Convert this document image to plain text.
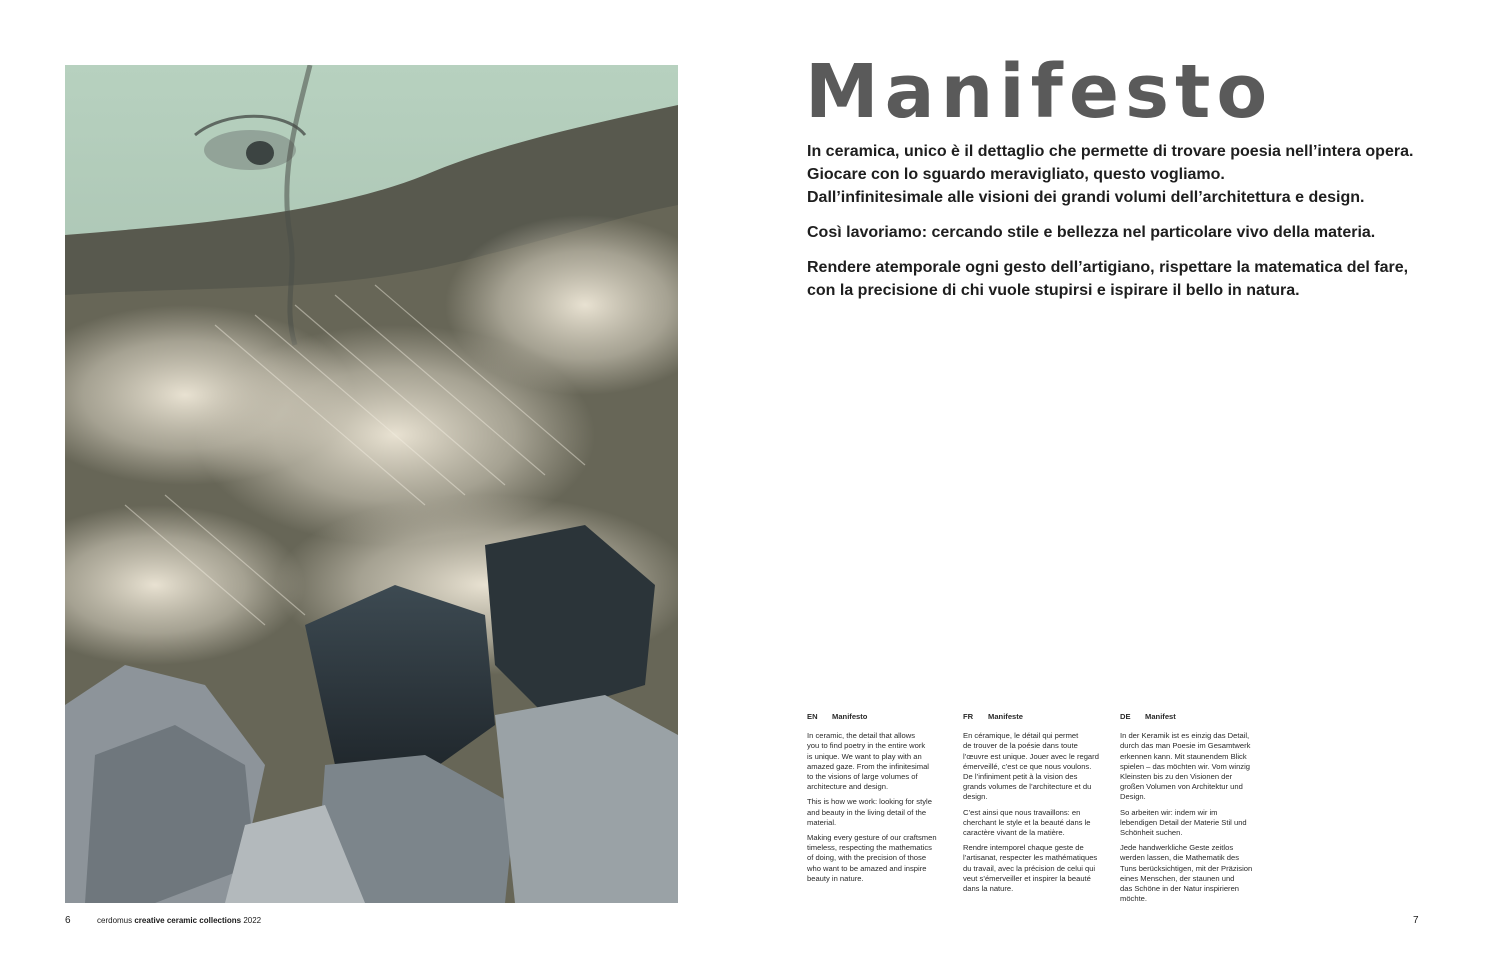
Manifesto

In ceramica, unico è il dettaglio che permette di trovare poesia nell’intera opera.
Giocare con lo sguardo meravigliato, questo vogliamo.
Dall’infinitesimale alle visioni dei grandi volumi dell’architettura e design.

Così lavoriamo: cercando stile e bellezza nel particolare vivo della materia.

Rendere atemporale ogni gesto dell’artigiano, rispettare la matematica del fare,
con la precisione di chi vuole stupirsi e ispirare il bello in natura.

EN Manifesto

In ceramic, the detail that allows
you to find poetry in the entire work
is unique. We want to play with an
amazed gaze. From the infinitesimal
to the visions of large volumes of
architecture and design.

This is how we work: looking for style
and beauty in the living detail of the
material.

Making every gesture of our craftsmen
timeless, respecting the mathematics
of doing, with the precision of those
who want to be amazed and inspire
beauty in nature.

FR Manifeste

En céramique, le détail qui permet
de trouver de la poésie dans toute
l’œuvre est unique. Jouer avec le regard
émerveillé, c’est ce que nous voulons.
De l’infiniment petit à la vision des
grands volumes de l’architecture et du
design.

C’est ainsi que nous travaillons: en
cherchant le style et la beauté dans le
caractère vivant de la matière.

Rendre intemporel chaque geste de
l’artisanat, respecter les mathématiques
du travail, avec la précision de celui qui
veut s’émerveiller et inspirer la beauté
dans la nature.

DE Manifest

In der Keramik ist es einzig das Detail,
durch das man Poesie im Gesamtwerk
erkennen kann. Mit staunendem Blick
spielen – das möchten wir. Vom winzig
Kleinsten bis zu den Visionen der
großen Volumen von Architektur und
Design.

So arbeiten wir: indem wir im
lebendigen Detail der Materie Stil und
Schönheit suchen.

Jede handwerkliche Geste zeitlos
werden lassen, die Mathematik des
Tuns berücksichtigen, mit der Präzision
eines Menschen, der staunen und
das Schöne in der Natur inspirieren
möchte.

6	cerdomus creative ceramic collections 2022	7
